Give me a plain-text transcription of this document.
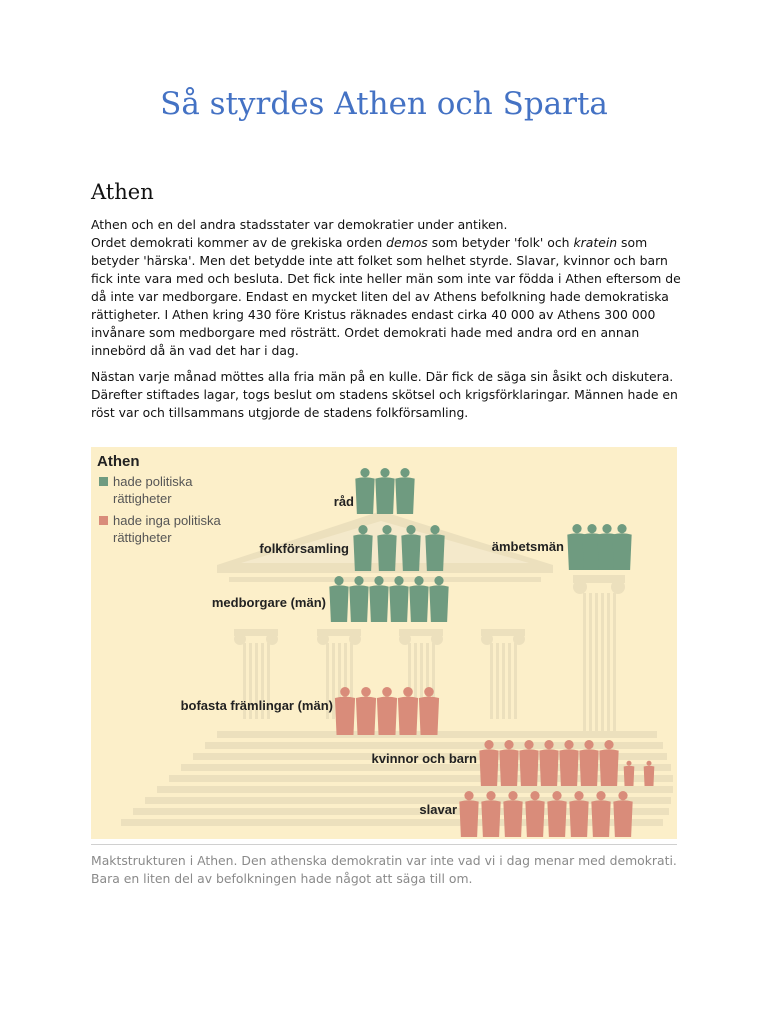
Så styrdes Athen och Sparta
Athen

Athen och en del andra stadsstater var demokratier under antiken.

Ordet demokrati kommer av de grekiska orden demos som betyder 'folk' och kratein som

betyder 'härska'. Men det betydde inte att folket som helhet styrde. Slavar, kvinnor och barn fick inte vara med och besluta. Det fick inte heller män som inte var födda i Athen eftersom de då inte var medborgare. Endast en mycket liten del av Athens befolkning hade demokratiska rättigheter. I Athen kring 430 före Kristus räknades endast cirka 40 000 av Athens 300 000 invånare som medborgare med rösträtt. Ordet demokrati hade med andra ord en annan innebörd då än vad det har i dag.

Nästan varje månad möttes alla fria män på en kulle. Där fick de säga sin åsikt och diskutera. Därefter stiftades lagar, togs beslut om stadens skötsel och krigsförklaringar. Männen hade en röst var och tillsammans utgjorde de stadens folkförsamling.

Athen
hade politiska
rättigheter
hade inga politiska
rättigheter
råd
folkförsamling	ämbetsmän
medborgare (män)
bofasta främlingar (män)
kvinnor och barn
slavar

Maktstrukturen i Athen. Den athenska demokratin var inte vad vi i dag menar med demokrati. Bara en liten del av befolkningen hade något att säga till om.
